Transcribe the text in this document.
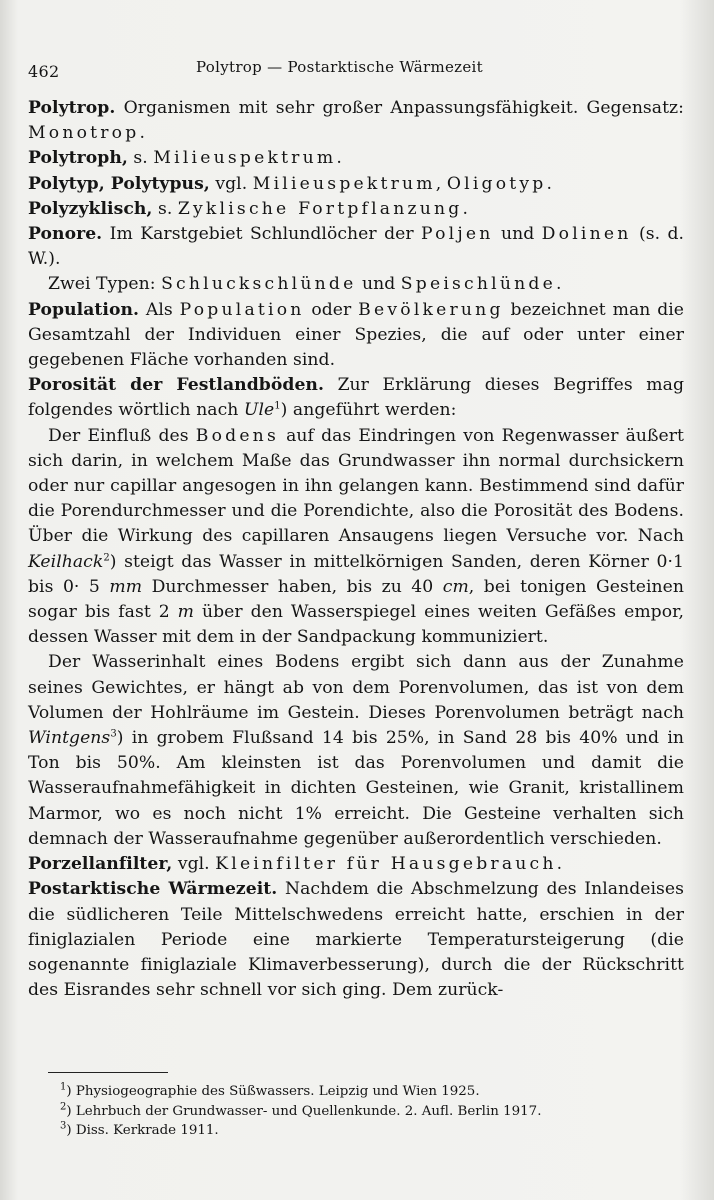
462	Polytrop — Postarktische Wärmezeit

Polytrop. Organismen mit sehr großer Anpassungsfähigkeit. Gegensatz: Monotrop.

Polytroph, s. Milieuspektrum.

Polytyp, Polytypus, vgl. Milieuspektrum, Oligotyp.

Polyzyklisch, s. Zyklische Fortpflanzung.

Ponore. Im Karstgebiet Schlundlöcher der Poljen und Dolinen (s. d. W.).

Zwei Typen: Schluckschlünde und Speischlünde.

Population. Als Population oder Bevölkerung bezeichnet man die Gesamtzahl der Individuen einer Spezies, die auf oder unter einer gegebenen Fläche vorhanden sind.

Porosität der Festlandböden. Zur Erklärung dieses Begriffes mag folgendes wörtlich nach Ule$^1$) angeführt werden:

Der Einfluß des Bodens auf das Eindringen von Regenwasser äußert sich darin, in welchem Maße das Grundwasser ihn normal durchsickern oder nur capillar angesogen in ihn gelangen kann. Bestimmend sind dafür die Porendurchmesser und die Porendichte, also die Porosität des Bodens. Über die Wirkung des capillaren Ansaugens liegen Versuche vor. Nach Keilhack$^2$) steigt das Wasser in mittelkörnigen Sanden, deren Körner 0·1 bis 0· 5 mm Durchmesser haben, bis zu 40 cm, bei tonigen Gesteinen sogar bis fast 2 m über den Wasserspiegel eines weiten Gefäßes empor, dessen Wasser mit dem in der Sandpackung kommuniziert.

Der Wasserinhalt eines Bodens ergibt sich dann aus der Zunahme seines Gewichtes, er hängt ab von dem Porenvolumen, das ist von dem Volumen der Hohlräume im Gestein. Dieses Porenvolumen beträgt nach Wintgens$^3$) in grobem Flußsand 14 bis 25%, in Sand 28 bis 40% und in Ton bis 50%. Am kleinsten ist das Porenvolumen und damit die Wasseraufnahmefähigkeit in dichten Gesteinen, wie Granit, kristallinem Marmor, wo es noch nicht 1% erreicht. Die Gesteine verhalten sich demnach der Wasseraufnahme gegenüber außerordentlich verschieden.

Porzellanfilter, vgl. Kleinfilter für Hausgebrauch.

Postarktische Wärmezeit. Nachdem die Abschmelzung des Inlandeises die südlicheren Teile Mittelschwedens erreicht hatte, erschien in der finiglazialen Periode eine markierte Temperatursteigerung (die sogenannte finiglaziale Klimaverbesserung), durch die der Rückschritt des Eisrandes sehr schnell vor sich ging. Dem zurück-

$^1$) Physiogeographie des Süßwassers. Leipzig und Wien 1925.

$^2$) Lehrbuch der Grundwasser- und Quellenkunde. 2. Aufl. Berlin 1917.

$^3$) Diss. Kerkrade 1911.
